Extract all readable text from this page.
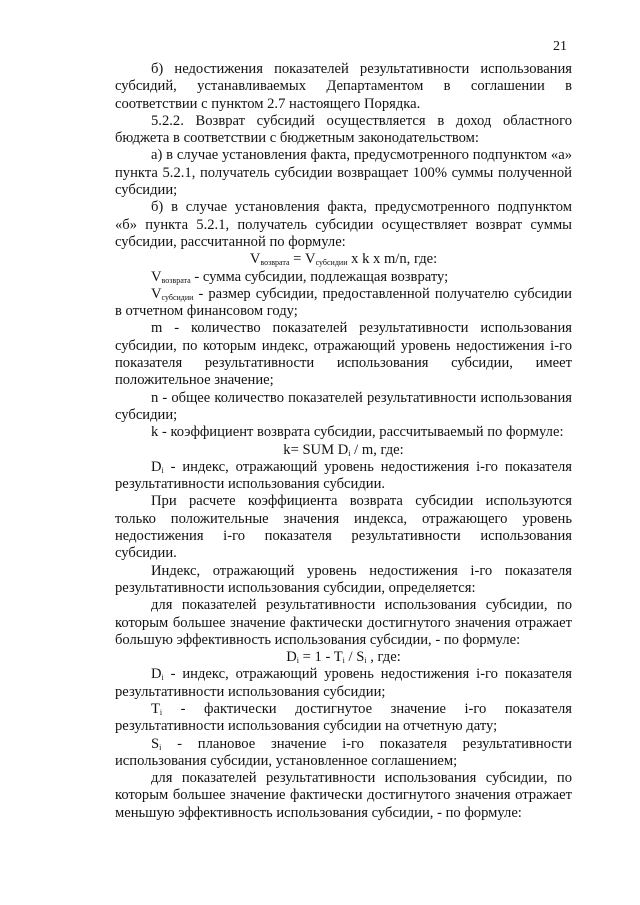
21

б) недостижения показателей результативности использования субсидий, устанавливаемых Департаментом в соглашении в соответствии с пунктом 2.7 настоящего Порядка.

5.2.2. Возврат субсидий осуществляется в доход областного бюджета в соответствии с бюджетным законодательством:

а) в случае установления факта, предусмотренного подпунктом «а» пункта 5.2.1, получатель субсидии возвращает 100% суммы полученной субсидии;

б) в случае установления факта, предусмотренного подпунктом «б» пункта 5.2.1, получатель субсидии осуществляет возврат суммы субсидии, рассчитанной по формуле:

$V_{возврата} = V_{субсидии}$ x k x m/n, где:

$V_{возврата}$ - сумма субсидии, подлежащая возврату;

$V_{субсидии}$ - размер субсидии, предоставленной получателю субсидии в отчетном финансовом году;

m - количество показателей результативности использования субсидии, по которым индекс, отражающий уровень недостижения i-го показателя результативности использования субсидии, имеет положительное значение;

n - общее количество показателей результативности использования субсидии;

k - коэффициент возврата субсидии, рассчитываемый по формуле:

k= SUM $D_i$ / m, где:

$D_i$ - индекс, отражающий уровень недостижения i-го показателя результативности использования субсидии.

При расчете коэффициента возврата субсидии используются только положительные значения индекса, отражающего уровень недостижения i-го показателя результативности использования субсидии.

Индекс, отражающий уровень недостижения i-го показателя результативности использования субсидии, определяется:

для показателей результативности использования субсидии, по которым большее значение фактически достигнутого значения отражает большую эффективность использования субсидии, - по формуле:

$D_i = 1 - T_i / S_i$ , где:

$D_i$ - индекс, отражающий уровень недостижения i-го показателя результативности использования субсидии;

$T_i$ - фактически достигнутое значение i-го показателя результативности использования субсидии на отчетную дату;

$S_i$ - плановое значение i-го показателя результативности использования субсидии, установленное соглашением;

для показателей результативности использования субсидии, по которым большее значение фактически достигнутого значения отражает меньшую эффективность использования субсидии, - по формуле:
